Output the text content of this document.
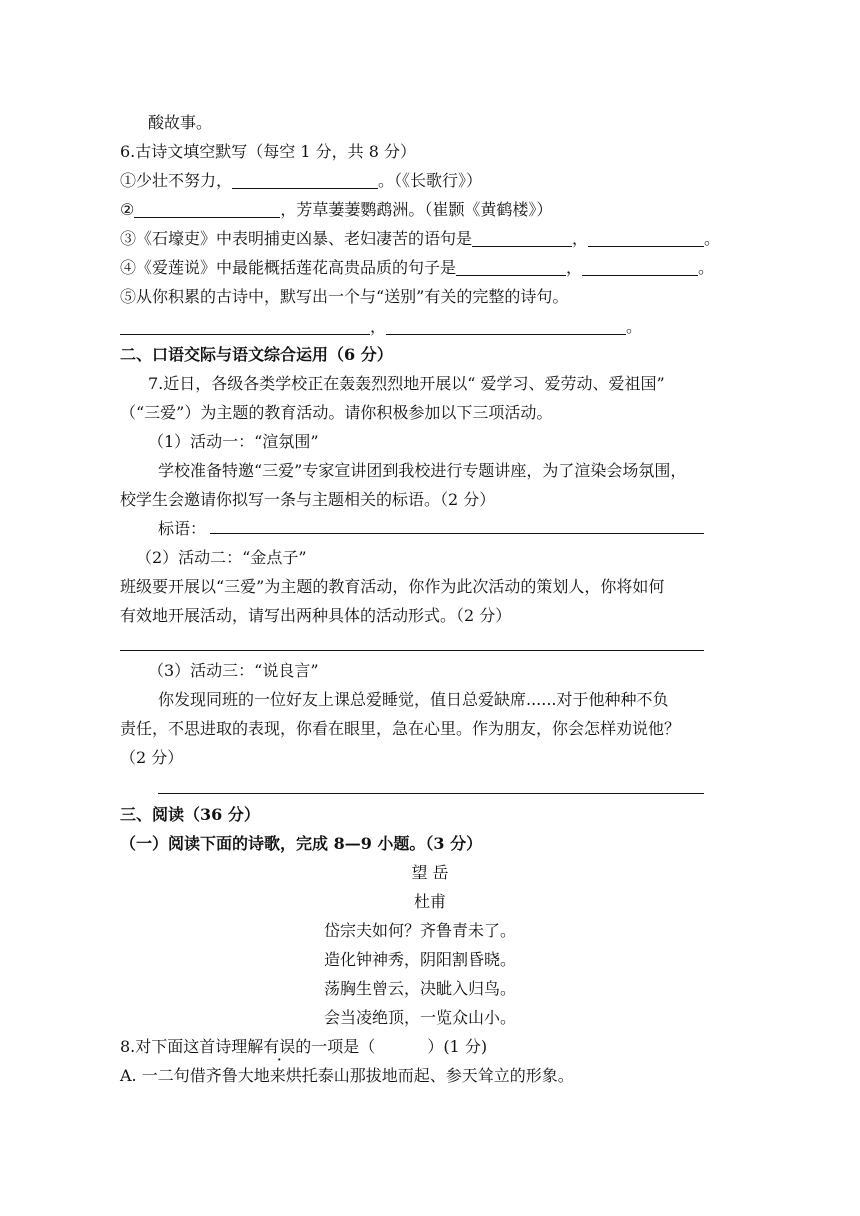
酸故事。
6.古诗文填空默写（每空 1 分，共 8 分）
①少壮不努力，	。（《长歌行》）
②	，芳草萋萋鹦鹉洲。（崔颢《黄鹤楼》）
③《石壕吏》中表明捕吏凶暴、老妇凄苦的语句是	，	。
④《爱莲说》中最能概括莲花高贵品质的句子是	，	。
⑤从你积累的古诗中，默写出一个与“送别”有关的完整的诗句。
，	。
二、口语交际与语文综合运用（6 分）
7.近日，各级各类学校正在轰轰烈烈地开展以“ 爱学习、爱劳动、爱祖国”
（“三爱”）为主题的教育活动。请你积极参加以下三项活动。
（1）活动一：“渲氛围”
学校准备特邀“三爱”专家宣讲团到我校进行专题讲座，为了渲染会场氛围，
校学生会邀请你拟写一条与主题相关的标语。（2 分）
标语：
（2）活动二：“金点子”
班级要开展以“三爱”为主题的教育活动，你作为此次活动的策划人，你将如何
有效地开展活动，请写出两种具体的活动形式。（2 分）
（3）活动三：“说良言”
你发现同班的一位好友上课总爱睡觉，值日总爱缺席......对于他种种不负
责任，不思进取的表现，你看在眼里，急在心里。作为朋友，你会怎样劝说他？
（2 分）
三、阅读（36 分）
（一）阅读下面的诗歌，完成 8—9 小题。（3 分）
望 岳
杜甫
岱宗夫如何？齐鲁青未了。
造化钟神秀，阴阳割昏晓。
荡胸生曾云，决眦入归鸟。
会当凌绝顶，一览众山小。
8.对下面这首诗理解有误的一项是（	）(1 分)
A. 一二句借齐鲁大地来烘托泰山那拔地而起、参天耸立的形象。
